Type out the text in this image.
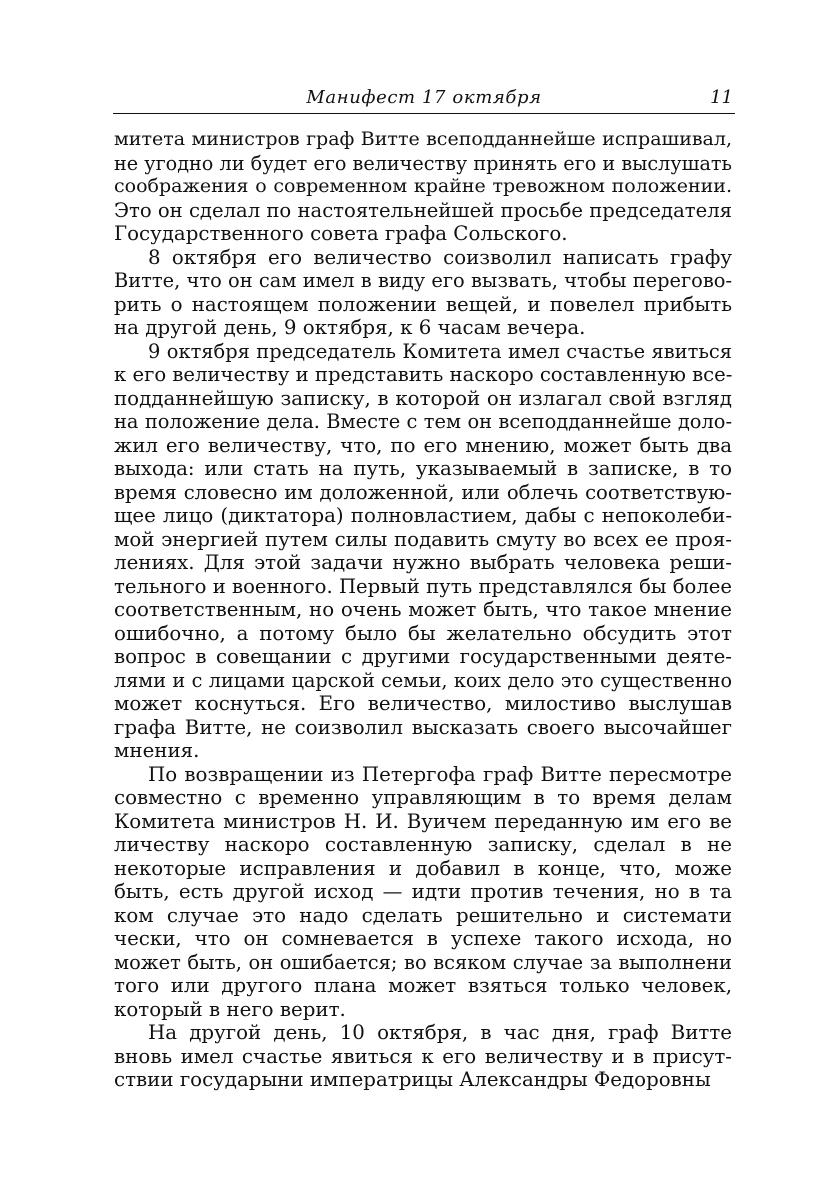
Манифест 17 октября	11
митета министров граф Витте всеподданнейше испрашивал,
не угодно ли будет его величеству принять его и выслушать
соображения о современном крайне тревожном положении.
Это он сделал по настоятельнейшей просьбе председателя
Государственного совета графа Сольского.
8 октября его величество соизволил написать графу
Витте, что он сам имел в виду его вызвать, чтобы перегово-
рить о настоящем положении вещей, и повелел прибыть
на другой день, 9 октября, к 6 часам вечера.
9 октября председатель Комитета имел счастье явиться
к его величеству и представить наскоро составленную все-
подданнейшую записку, в которой он излагал свой взгляд
на положение дела. Вместе с тем он всеподданнейше доло-
жил его величеству, что, по его мнению, может быть два
выхода: или стать на путь, указываемый в записке, в то
время словесно им доложенной, или облечь соответствую-
щее лицо (диктатора) полновластием, дабы с непоколеби-
мой энергией путем силы подавить смуту во всех ее проя-
лениях. Для этой задачи нужно выбрать человека реши-
тельного и военного. Первый путь представлялся бы более
соответственным, но очень может быть, что такое мнение
ошибочно, а потому было бы желательно обсудить этот
вопрос в совещании с другими государственными деяте-
лями и с лицами царской семьи, коих дело это существенно
может коснуться. Его величество, милостиво выслушав
графа Витте, не соизволил высказать своего высочайшег
мнения.
По возвращении из Петергофа граф Витте пересмотре
совместно с временно управляющим в то время делам
Комитета министров Н. И. Вуичем переданную им его ве
личеству наскоро составленную записку, сделал в не
некоторые исправления и добавил в конце, что, може
быть, есть другой исход — идти против течения, но в та
ком случае это надо сделать решительно и системати
чески, что он сомневается в успехе такого исхода, но
может быть, он ошибается; во всяком случае за выполнени
того или другого плана может взяться только человек,
который в него верит.
На другой день, 10 октября, в час дня, граф Витте
вновь имел счастье явиться к его величеству и в присут-
ствии государыни императрицы Александры Федоровны
